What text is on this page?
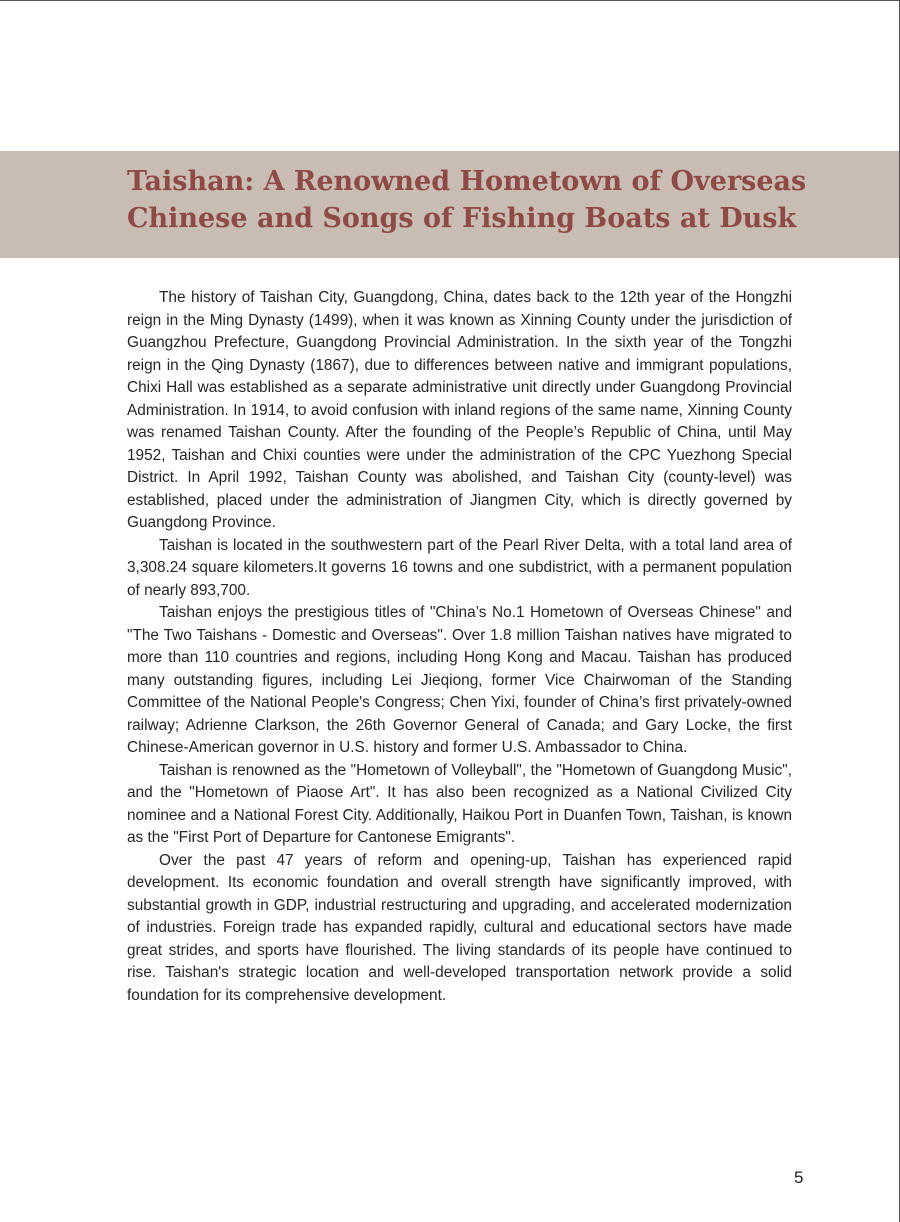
Taishan: A Renowned Hometown of Overseas Chinese and Songs of Fishing Boats at Dusk

The history of Taishan City, Guangdong, China, dates back to the 12th year of the Hongzhi reign in the Ming Dynasty (1499), when it was known as Xinning County under the jurisdiction of Guangzhou Prefecture, Guangdong Provincial Administration. In the sixth year of the Tongzhi reign in the Qing Dynasty (1867), due to differences between native and immigrant populations, Chixi Hall was established as a separate administrative unit directly under Guangdong Provincial Administration. In 1914, to avoid confusion with inland regions of the same name, Xinning County was renamed Taishan County. After the founding of the People’s Republic of China, until May 1952, Taishan and Chixi counties were under the administration of the CPC Yuezhong Special District. In April 1992, Taishan County was abolished, and Taishan City (county-level) was established, placed under the administration of Jiangmen City, which is directly governed by Guangdong Province.

Taishan is located in the southwestern part of the Pearl River Delta, with a total land area of 3,308.24 square kilometers.It governs 16 towns and one subdistrict, with a permanent population of nearly 893,700.

Taishan enjoys the prestigious titles of "China’s No.1 Hometown of Overseas Chinese" and "The Two Taishans - Domestic and Overseas". Over 1.8 million Taishan natives have migrated to more than 110 countries and regions, including Hong Kong and Macau. Taishan has produced many outstanding figures, including Lei Jieqiong, former Vice Chairwoman of the Standing Committee of the National People's Congress; Chen Yixi, founder of China’s first privately-owned railway; Adrienne Clarkson, the 26th Governor General of Canada; and Gary Locke, the first Chinese-American governor in U.S. history and former U.S. Ambassador to China.

Taishan is renowned as the "Hometown of Volleyball", the "Hometown of Guangdong Music", and the "Hometown of Piaose Art". It has also been recognized as a National Civilized City nominee and a National Forest City. Additionally, Haikou Port in Duanfen Town, Taishan, is known as the "First Port of Departure for Cantonese Emigrants".

Over the past 47 years of reform and opening-up, Taishan has experienced rapid development. Its economic foundation and overall strength have significantly improved, with substantial growth in GDP, industrial restructuring and upgrading, and accelerated modernization of industries. Foreign trade has expanded rapidly, cultural and educational sectors have made great strides, and sports have flourished. The living standards of its people have continued to rise. Taishan's strategic location and well-developed transportation network provide a solid foundation for its comprehensive development.

5
